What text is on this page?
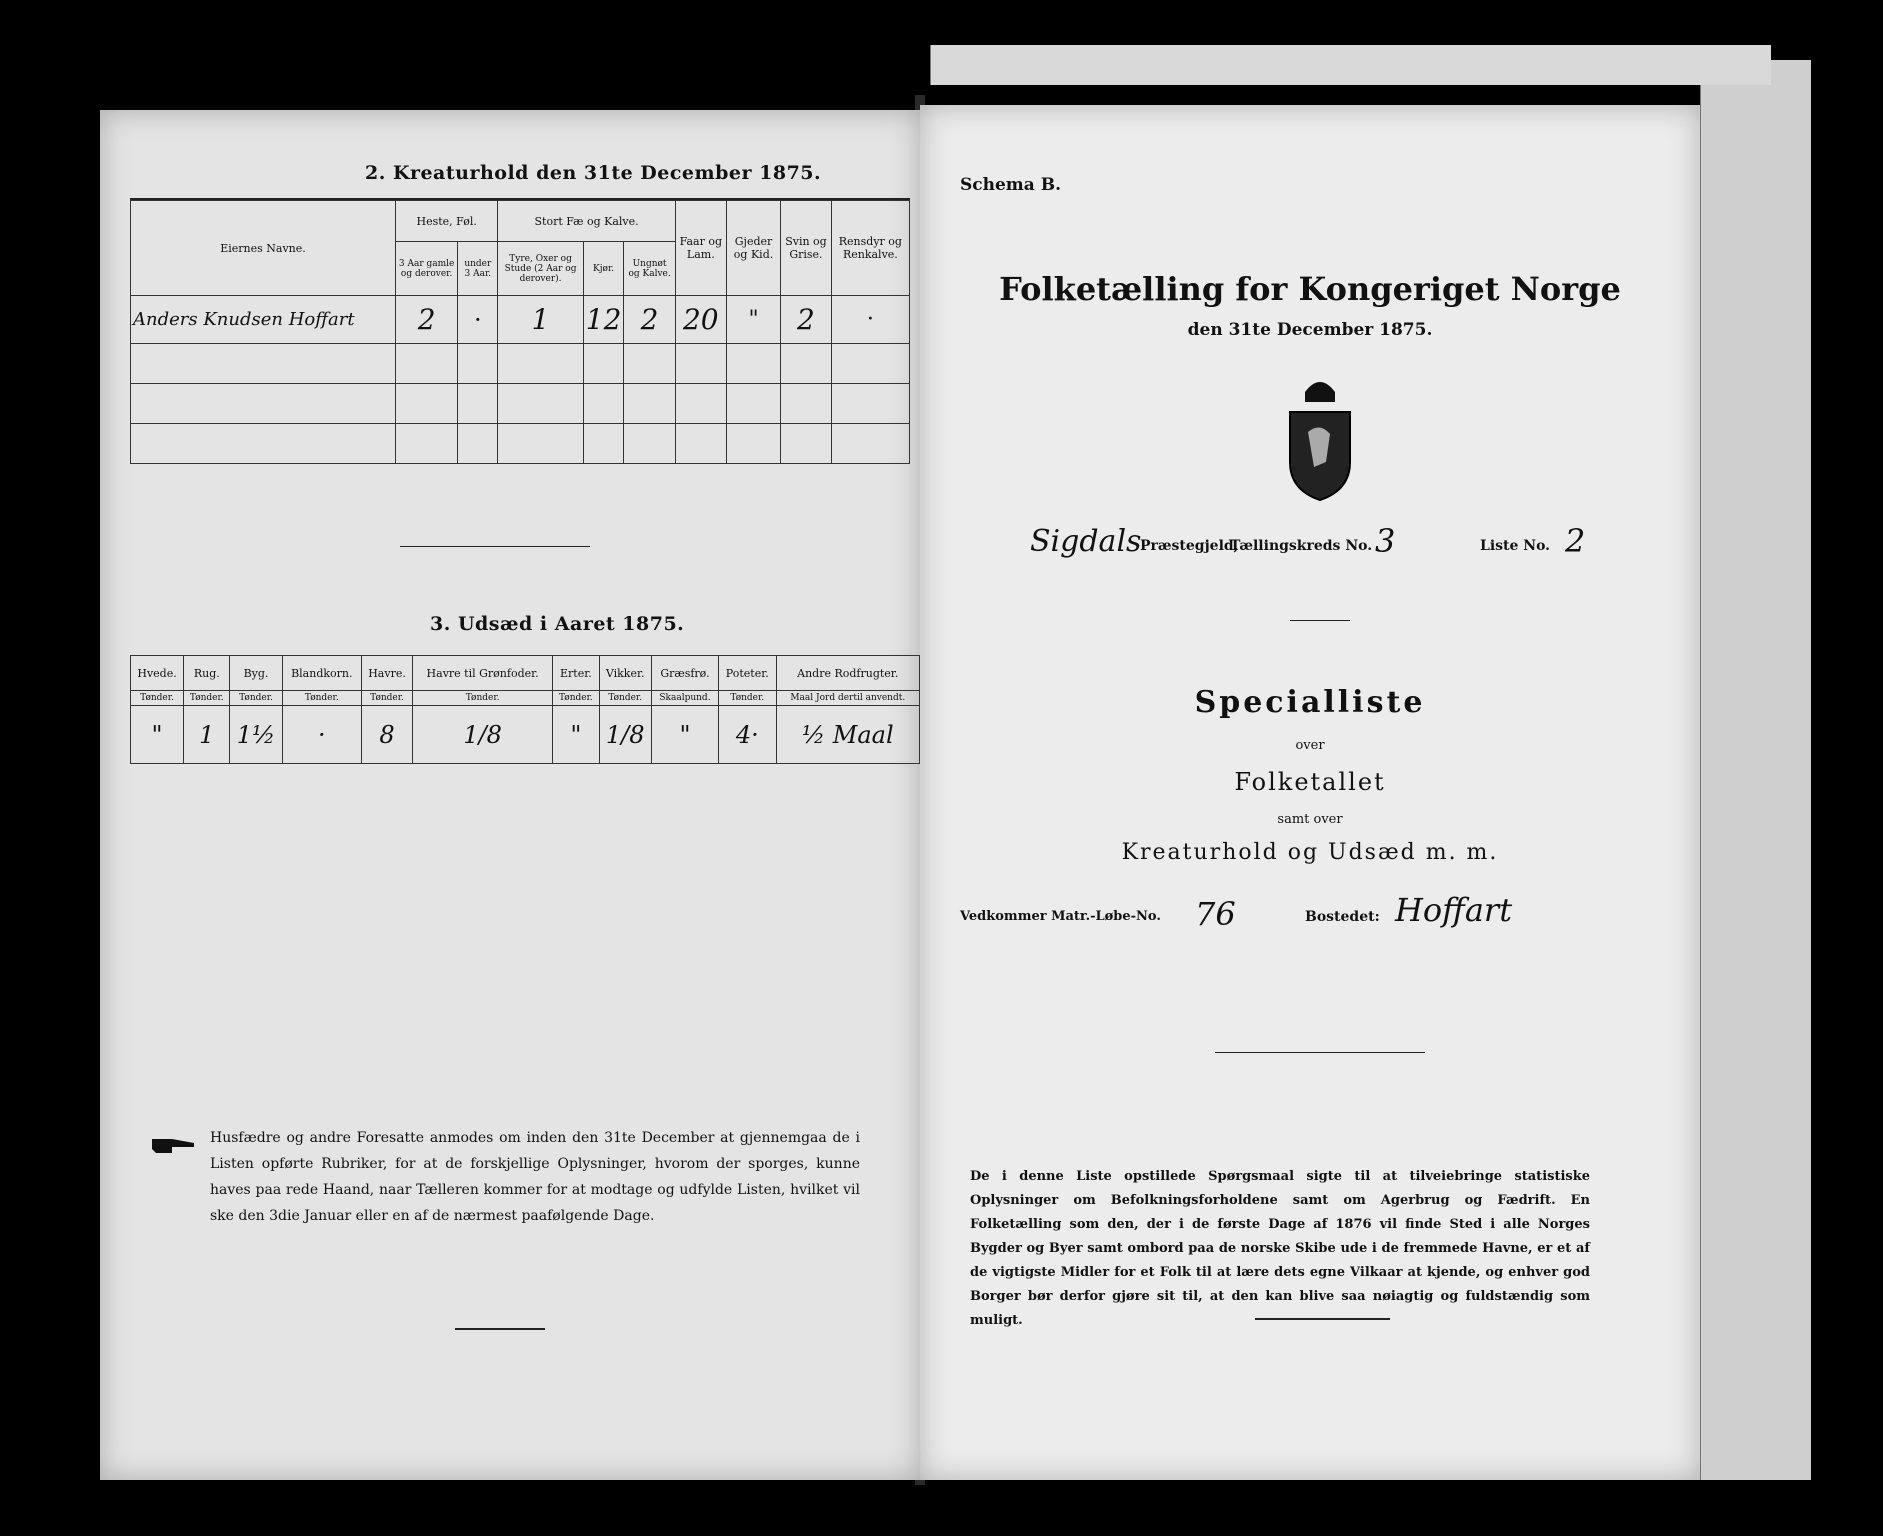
2. Kreaturhold den 31te December 1875.
Eiernes Navne.	Heste, Føl.		Stort Fæ og Kalve.			Faar og Lam.	Gjeder og Kid.	Svin og Grise.	Rensdyr og Renkalve.
	3 Aar gamle og derover.	under 3 Aar.	Tyre, Oxer og Stude (2 Aar og derover).	Kjør.	Ungnøt og Kalve.				
Anders Knudsen Hoffart	2	·	1	12	2	20	"	2	·

3. Udsæd i Aaret 1875.
Hvede.	Rug.	Byg.	Blandkorn.	Havre.	Havre til Grønfoder.	Erter.	Vikker.	Græsfrø.	Poteter.	Andre Rodfrugter.
Tønder.	Tønder.	Tønder.	Tønder.	Tønder.	Tønder.	Tønder.	Tønder.	Skaalpund.	Tønder.	Maal Jord dertil anvendt.
"	1	1½	·	8	1/8	"	1/8	"	4·	½ Maal
Husfædre og andre Foresatte anmodes om inden den 31te December at gjennemgaa de i Listen opførte Rubriker, for at de forskjellige Oplysninger, hvorom der sporges, kunne haves paa rede Haand, naar Tælleren kommer for at modtage og udfylde Listen, hvilket vil ske den 3die Januar eller en af de nærmest paafølgende Dage.
Schema B.
Folketælling for Kongeriget Norge
den 31te December 1875.
Sigdals
Præstegjeld,
Tællingskreds No. 3	Liste No. 2
Specialliste
over
Folketallet
samt over
Kreaturhold og Udsæd m. m.
Vedkommer Matr.-Løbe-No. 76	Bostedet: Hoffart
De i denne Liste opstillede Spørgsmaal sigte til at tilveiebringe statistiske Oplysninger om Befolkningsforholdene samt om Agerbrug og Fædrift. En Folketælling som den, der i de første Dage af 1876 vil finde Sted i alle Norges Bygder og Byer samt ombord paa de norske Skibe ude i de fremmede Havne, er et af de vigtigste Midler for et Folk til at lære dets egne Vilkaar at kjende, og enhver god Borger bør derfor gjøre sit til, at den kan blive saa nøiagtig og fuldstændig som muligt.
